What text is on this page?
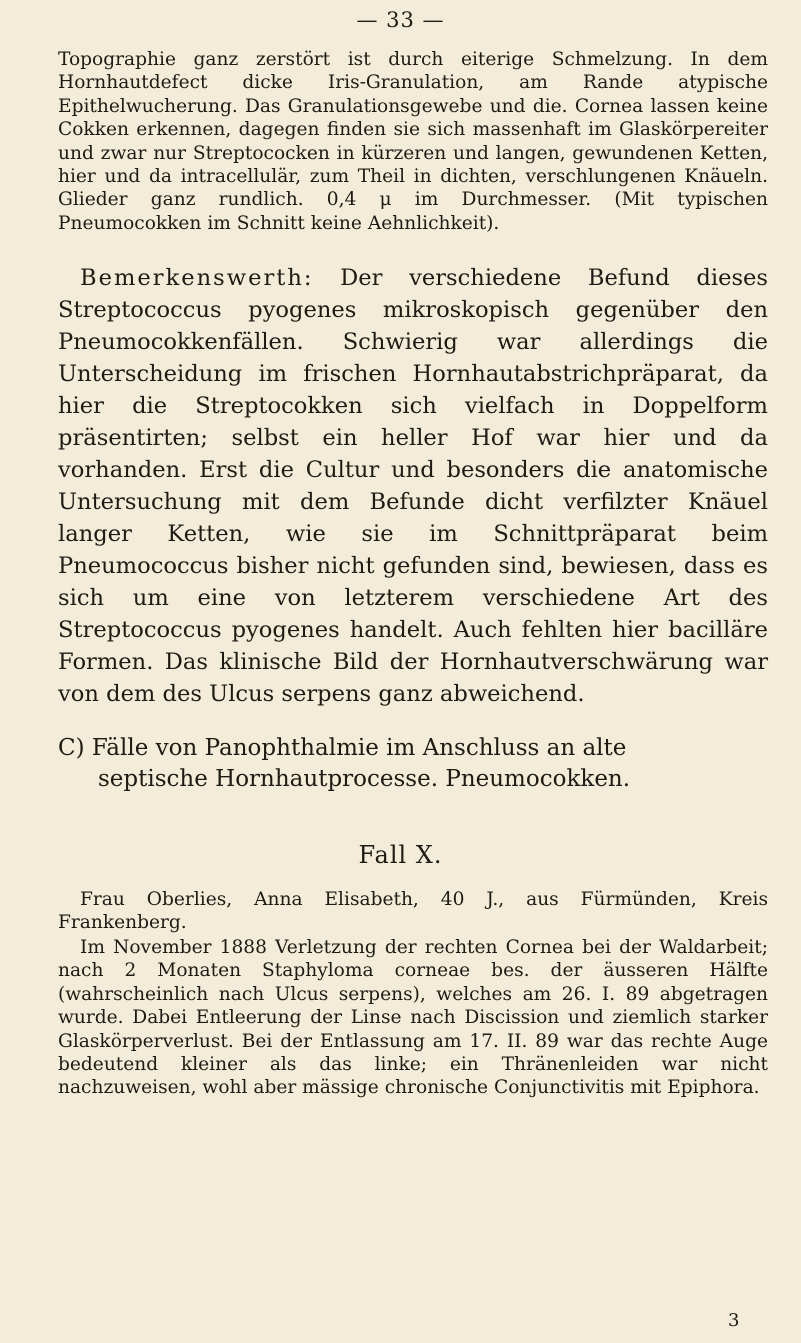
— 33 —

Topographie ganz zerstört ist durch eiterige Schmelzung. In dem Hornhautdefect dicke Iris-Granulation, am Rande atypische Epithelwucherung. Das Granulationsgewebe und die. Cornea lassen keine Cokken erkennen, dagegen finden sie sich massenhaft im Glaskörpereiter und zwar nur Streptococken in kürzeren und langen, gewundenen Ketten, hier und da intracellulär, zum Theil in dichten, verschlungenen Knäueln. Glieder ganz rundlich. 0,4 μ im Durchmesser. (Mit typischen Pneumocokken im Schnitt keine Aehnlichkeit).

Bemerkenswerth: Der verschiedene Befund dieses Streptococcus pyogenes mikroskopisch gegenüber den Pneumocokkenfällen. Schwierig war allerdings die Unterscheidung im frischen Hornhautabstrichpräparat, da hier die Streptocokken sich vielfach in Doppelform präsentirten; selbst ein heller Hof war hier und da vorhanden. Erst die Cultur und besonders die anatomische Untersuchung mit dem Befunde dicht verfilzter Knäuel langer Ketten, wie sie im Schnittpräparat beim Pneumococcus bisher nicht gefunden sind, bewiesen, dass es sich um eine von letzterem verschiedene Art des Streptococcus pyogenes handelt. Auch fehlten hier bacilläre Formen. Das klinische Bild der Hornhautverschwärung war von dem des Ulcus serpens ganz abweichend.

C) Fälle von Panophthalmie im Anschluss an alte
septische Hornhautprocesse. Pneumocokken.
Fall X.

Frau Oberlies, Anna Elisabeth, 40 J., aus Fürmünden, Kreis Frankenberg.

Im November 1888 Verletzung der rechten Cornea bei der Waldarbeit; nach 2 Monaten Staphyloma corneae bes. der äusseren Hälfte (wahrscheinlich nach Ulcus serpens), welches am 26. I. 89 abgetragen wurde. Dabei Entleerung der Linse nach Discission und ziemlich starker Glaskörperverlust. Bei der Entlassung am 17. II. 89 war das rechte Auge bedeutend kleiner als das linke; ein Thränenleiden war nicht nachzuweisen, wohl aber mässige chronische Conjunctivitis mit Epiphora.

3
